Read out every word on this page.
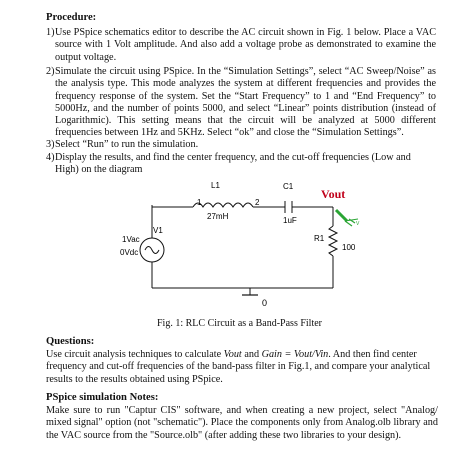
Procedure:
1) Use PSpice schematics editor to describe the AC circuit shown in Fig. 1 below. Place a VAC source with 1 Volt amplitude. And also add a voltage probe as demonstrated to examine the output voltage.
2) Simulate the circuit using PSpice. In the “Simulation Settings”, select “AC Sweep/Noise” as the analysis type. This mode analyzes the system at different frequencies and provides the frequency response of the system. Set the “Start Frequency” to 1 and “End Frequency” to 5000Hz, and the number of points 5000, and select “Linear” points distribution (instead of Logarithmic). This setting means that the circuit will be analyzed at 5000 different frequencies between 1Hz and 5KHz. Select “ok” and close the “Simulation Settings”.
3) Select “Run” to run the simulation.
4) Display the results, and find the center frequency, and the cut-off frequencies (Low and High) on the diagram
L1
1	2
27mH
C1
1uF
Vout
V
R1
100
V1
1Vac
0Vdc
0
Fig. 1: RLC Circuit as a Band-Pass Filter
Questions:
Use circuit analysis techniques to calculate Vout and Gain = Vout/Vin. And then find center frequency and cut-off frequencies of the band-pass filter in Fig.1, and compare your analytical results to the results obtained using PSpice.
PSpice simulation Notes:
Make sure to run "Captur CIS" software, and when creating a new project, select "Analog/ mixed signal" option (not "schematic"). Place the components only from Analog.olb library and the VAC source from the "Source.olb" (after adding these two libraries to your design).
